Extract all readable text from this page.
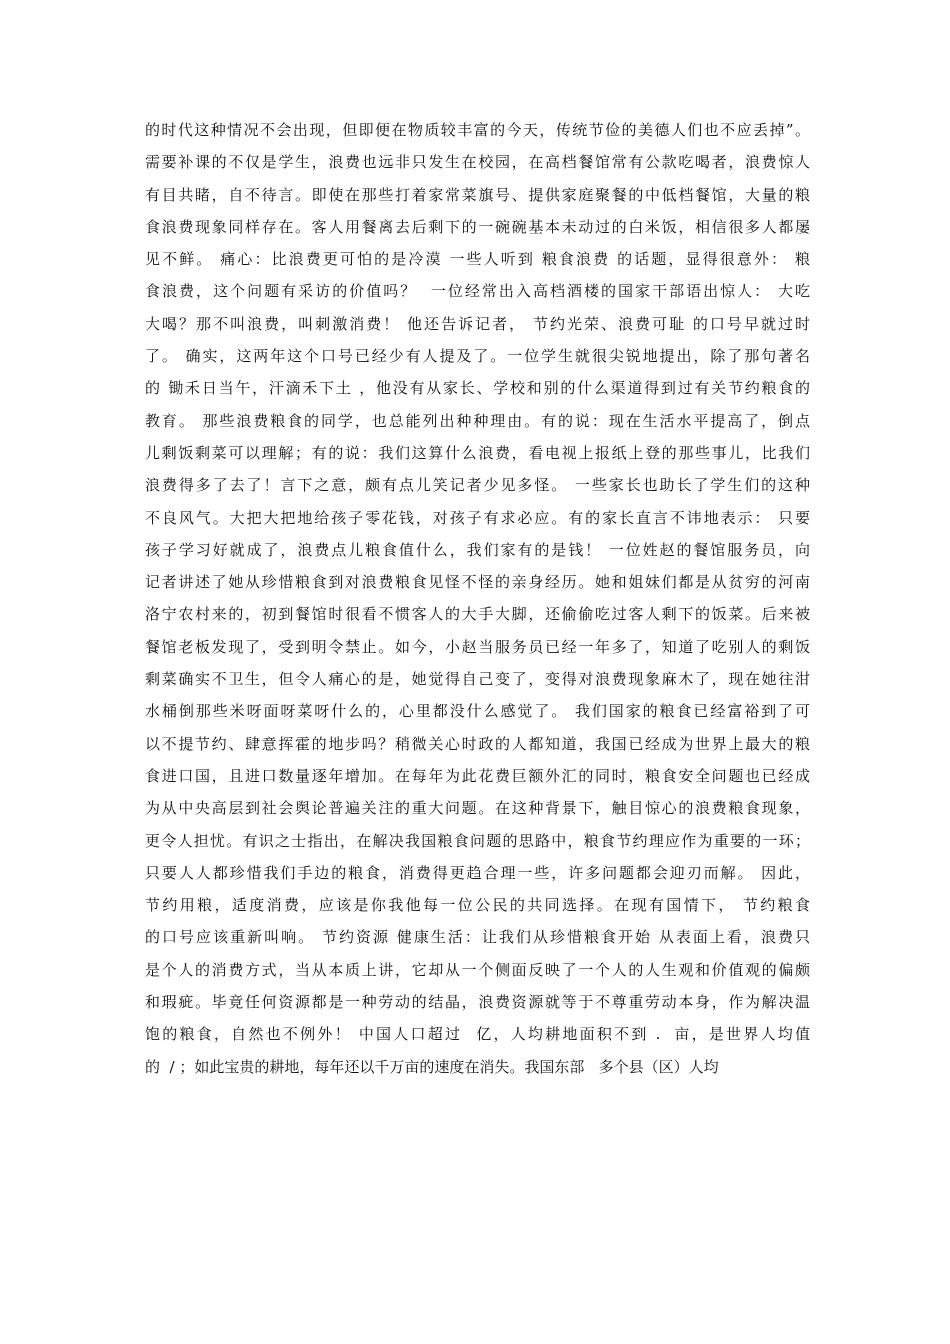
的时代这种情况不会出现，但即便在物质较丰富的今天，传统节俭的美德人们也不应丢掉”。
需要补课的不仅是学生，浪费也远非只发生在校园，在高档餐馆常有公款吃喝者，浪费惊人
有目共睹，自不待言。即使在那些打着家常菜旗号、提供家庭聚餐的中低档餐馆，大量的粮
食浪费现象同样存在。客人用餐离去后剩下的一碗碗基本未动过的白米饭，相信很多人都屡
见不鲜。 痛心：比浪费更可怕的是冷漠 一些人听到 粮食浪费 的话题，显得很意外： 粮
食浪费，这个问题有采访的价值吗？  一位经常出入高档酒楼的国家干部语出惊人： 大吃
大喝？那不叫浪费，叫刺激消费！ 他还告诉记者， 节约光荣、浪费可耻 的口号早就过时
了。 确实，这两年这个口号已经少有人提及了。一位学生就很尖锐地提出，除了那句著名
的 锄禾日当午，汗滴禾下土 ，他没有从家长、学校和别的什么渠道得到过有关节约粮食的
教育。 那些浪费粮食的同学，也总能列出种种理由。有的说：现在生活水平提高了，倒点
儿剩饭剩菜可以理解；有的说：我们这算什么浪费，看电视上报纸上登的那些事儿，比我们
浪费得多了去了！言下之意，颇有点儿笑记者少见多怪。 一些家长也助长了学生们的这种
不良风气。大把大把地给孩子零花钱，对孩子有求必应。有的家长直言不讳地表示： 只要
孩子学习好就成了，浪费点儿粮食值什么，我们家有的是钱！ 一位姓赵的餐馆服务员，向
记者讲述了她从珍惜粮食到对浪费粮食见怪不怪的亲身经历。她和姐妹们都是从贫穷的河南
洛宁农村来的，初到餐馆时很看不惯客人的大手大脚，还偷偷吃过客人剩下的饭菜。后来被
餐馆老板发现了，受到明令禁止。如今，小赵当服务员已经一年多了，知道了吃别人的剩饭
剩菜确实不卫生，但令人痛心的是，她觉得自己变了，变得对浪费现象麻木了，现在她往泔
水桶倒那些米呀面呀菜呀什么的，心里都没什么感觉了。 我们国家的粮食已经富裕到了可
以不提节约、肆意挥霍的地步吗？稍微关心时政的人都知道，我国已经成为世界上最大的粮
食进口国，且进口数量逐年增加。在每年为此花费巨额外汇的同时，粮食安全问题也已经成
为从中央高层到社会舆论普遍关注的重大问题。在这种背景下，触目惊心的浪费粮食现象，
更令人担忧。有识之士指出，在解决我国粮食问题的思路中，粮食节约理应作为重要的一环；
只要人人都珍惜我们手边的粮食，消费得更趋合理一些，许多问题都会迎刃而解。 因此，
节约用粮，适度消费，应该是你我他每一位公民的共同选择。在现有国情下， 节约粮食
的口号应该重新叫响。 节约资源 健康生活：让我们从珍惜粮食开始 从表面上看，浪费只
是个人的消费方式，当从本质上讲，它却从一个侧面反映了一个人的人生观和价值观的偏颇
和瑕疵。毕竟任何资源都是一种劳动的结晶，浪费资源就等于不尊重劳动本身，作为解决温
饱的粮食，自然也不例外！ 中国人口超过  亿，人均耕地面积不到 .  亩，是世界人均值
的  / ；如此宝贵的耕地，每年还以千万亩的速度在消失。我国东部   多个县（区）人均
